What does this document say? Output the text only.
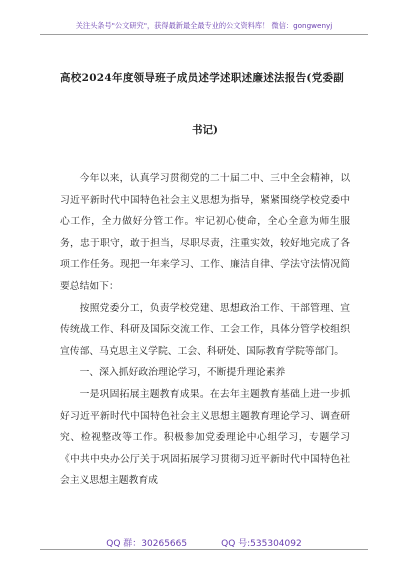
关注头条号"公文研究"，获得最新最全最专业的公文资料库！ 微信：gongwenyj
高校2024年度领导班子成员述学述职述廉述法报告(党委副
书记)

今年以来，认真学习贯彻党的二十届二中、三中全会精神，以习近平新时代中国特色社会主义思想为指导，紧紧围绕学校党委中心工作，全力做好分管工作。牢记初心使命，全心全意为师生服务，忠于职守，敢于担当，尽职尽责，注重实效，较好地完成了各项工作任务。现把一年来学习、工作、廉洁自律、学法守法情况简要总结如下：

按照党委分工，负责学校党建、思想政治工作、干部管理、宣传统战工作、科研及国际交流工作、工会工作，具体分管学校组织宣传部、马克思主义学院、工会、科研处、国际教育学院等部门。

一、深入抓好政治理论学习，不断提升理论素养

一是巩固拓展主题教育成果。在去年主题教育基础上进一步抓好习近平新时代中国特色社会主义思想主题教育理论学习、调查研究、检视整改等工作。积极参加党委理论中心组学习，专题学习《中共中央办公厅关于巩固拓展学习贯彻习近平新时代中国特色社会主义思想主题教育成

QQ 群：30265665	QQ 号:535304092
